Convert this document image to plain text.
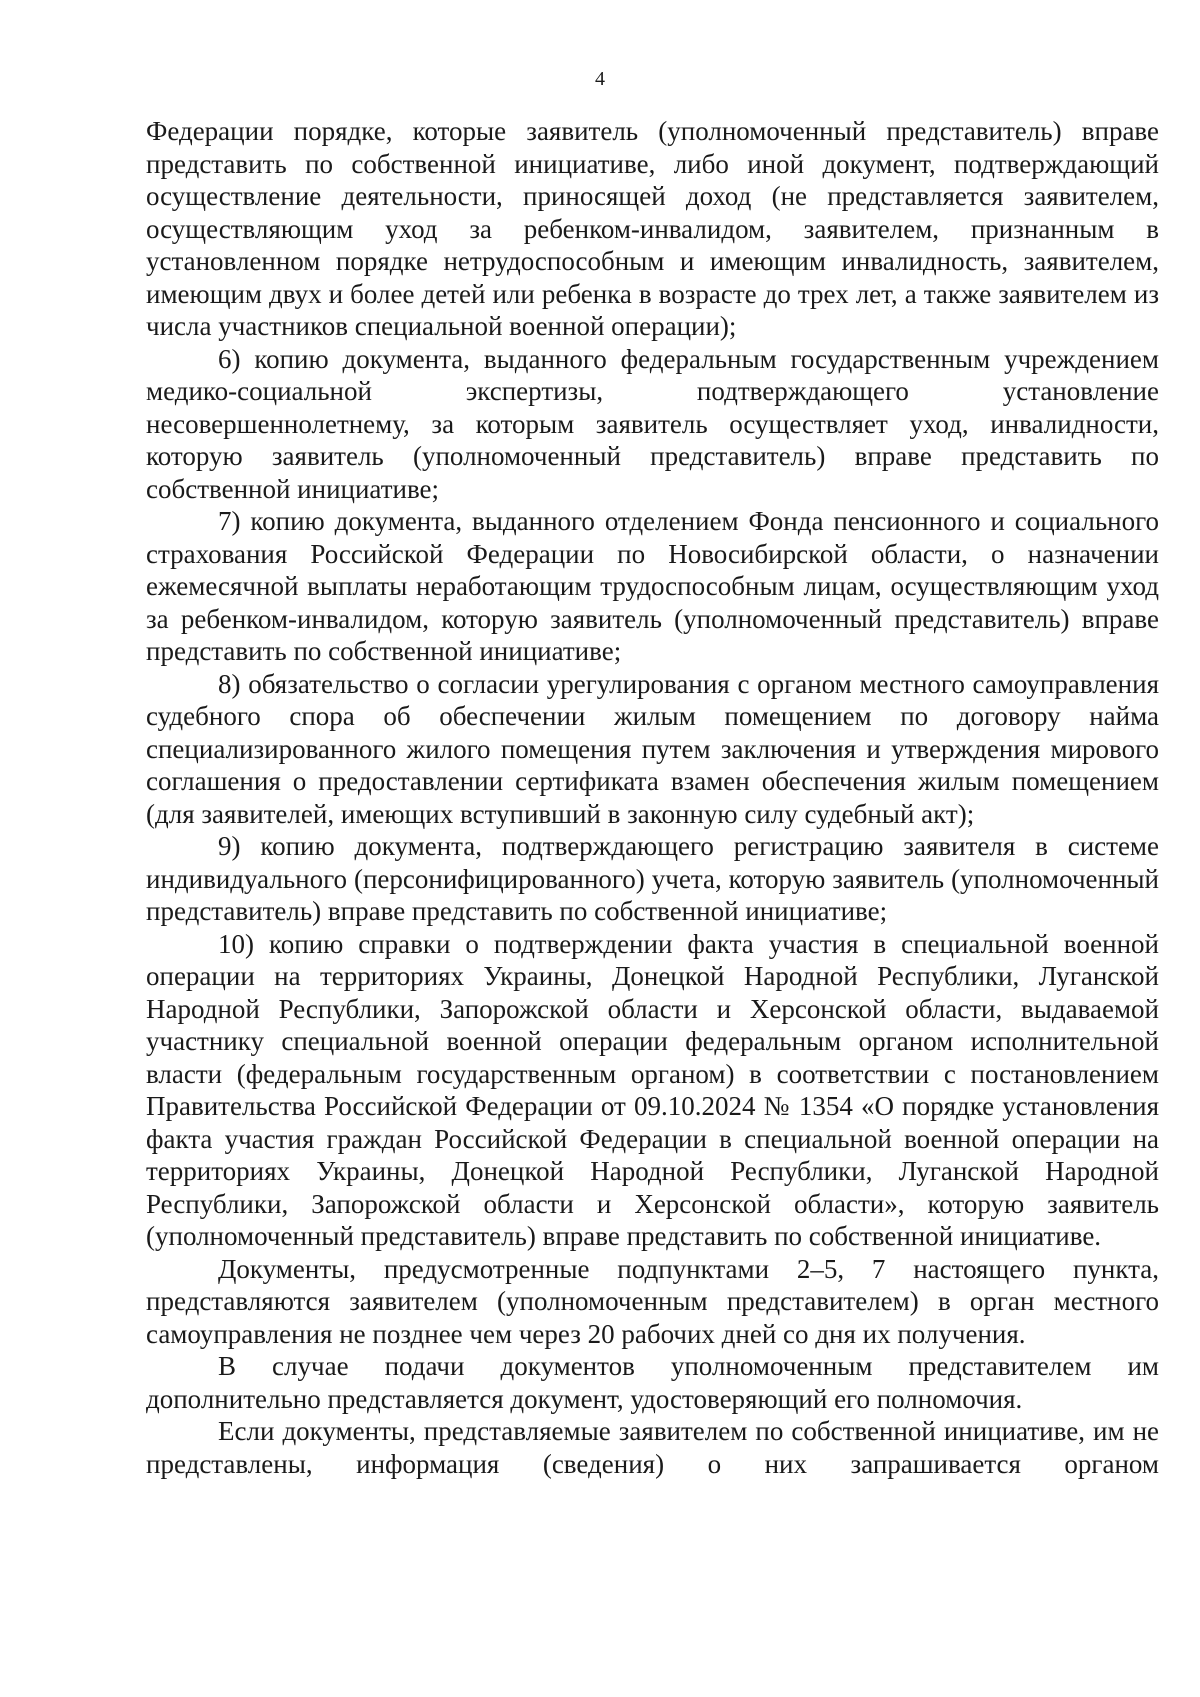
4

Федерации порядке, которые заявитель (уполномоченный представитель) вправе представить по собственной инициативе, либо иной документ, подтверждающий осуществление деятельности, приносящей доход (не представляется заявителем, осуществляющим уход за ребенком-инвалидом, заявителем, признанным в установленном порядке нетрудоспособным и имеющим инвалидность, заявителем, имеющим двух и более детей или ребенка в возрасте до трех лет, а также заявителем из числа участников специальной военной операции);

6) копию документа, выданного федеральным государственным учреждением медико-социальной экспертизы, подтверждающего установление несовершеннолетнему, за которым заявитель осуществляет уход, инвалидности, которую заявитель (уполномоченный представитель) вправе представить по собственной инициативе;

7) копию документа, выданного отделением Фонда пенсионного и социального страхования Российской Федерации по Новосибирской области, о назначении ежемесячной выплаты неработающим трудоспособным лицам, осуществляющим уход за ребенком-инвалидом, которую заявитель (уполномоченный представитель) вправе представить по собственной инициативе;

8) обязательство о согласии урегулирования с органом местного самоуправления судебного спора об обеспечении жилым помещением по договору найма специализированного жилого помещения путем заключения и утверждения мирового соглашения о предоставлении сертификата взамен обеспечения жилым помещением (для заявителей, имеющих вступивший в законную силу судебный акт);

9) копию документа, подтверждающего регистрацию заявителя в системе индивидуального (персонифицированного) учета, которую заявитель (уполномоченный представитель) вправе представить по собственной инициативе;

10) копию справки о подтверждении факта участия в специальной военной операции на территориях Украины, Донецкой Народной Республики, Луганской Народной Республики, Запорожской области и Херсонской области, выдаваемой участнику специальной военной операции федеральным органом исполнительной власти (федеральным государственным органом) в соответствии с постановлением Правительства Российской Федерации от 09.10.2024 № 1354 «О порядке установления факта участия граждан Российской Федерации в специальной военной операции на территориях Украины, Донецкой Народной Республики, Луганской Народной Республики, Запорожской области и Херсонской области», которую заявитель (уполномоченный представитель) вправе представить по собственной инициативе.

Документы, предусмотренные подпунктами 2–5, 7 настоящего пункта, представляются заявителем (уполномоченным представителем) в орган местного самоуправления не позднее чем через 20 рабочих дней со дня их получения.

В случае подачи документов уполномоченным представителем им дополнительно представляется документ, удостоверяющий его полномочия.

Если документы, представляемые заявителем по собственной инициативе, им не представлены, информация (сведения) о них запрашивается органом
